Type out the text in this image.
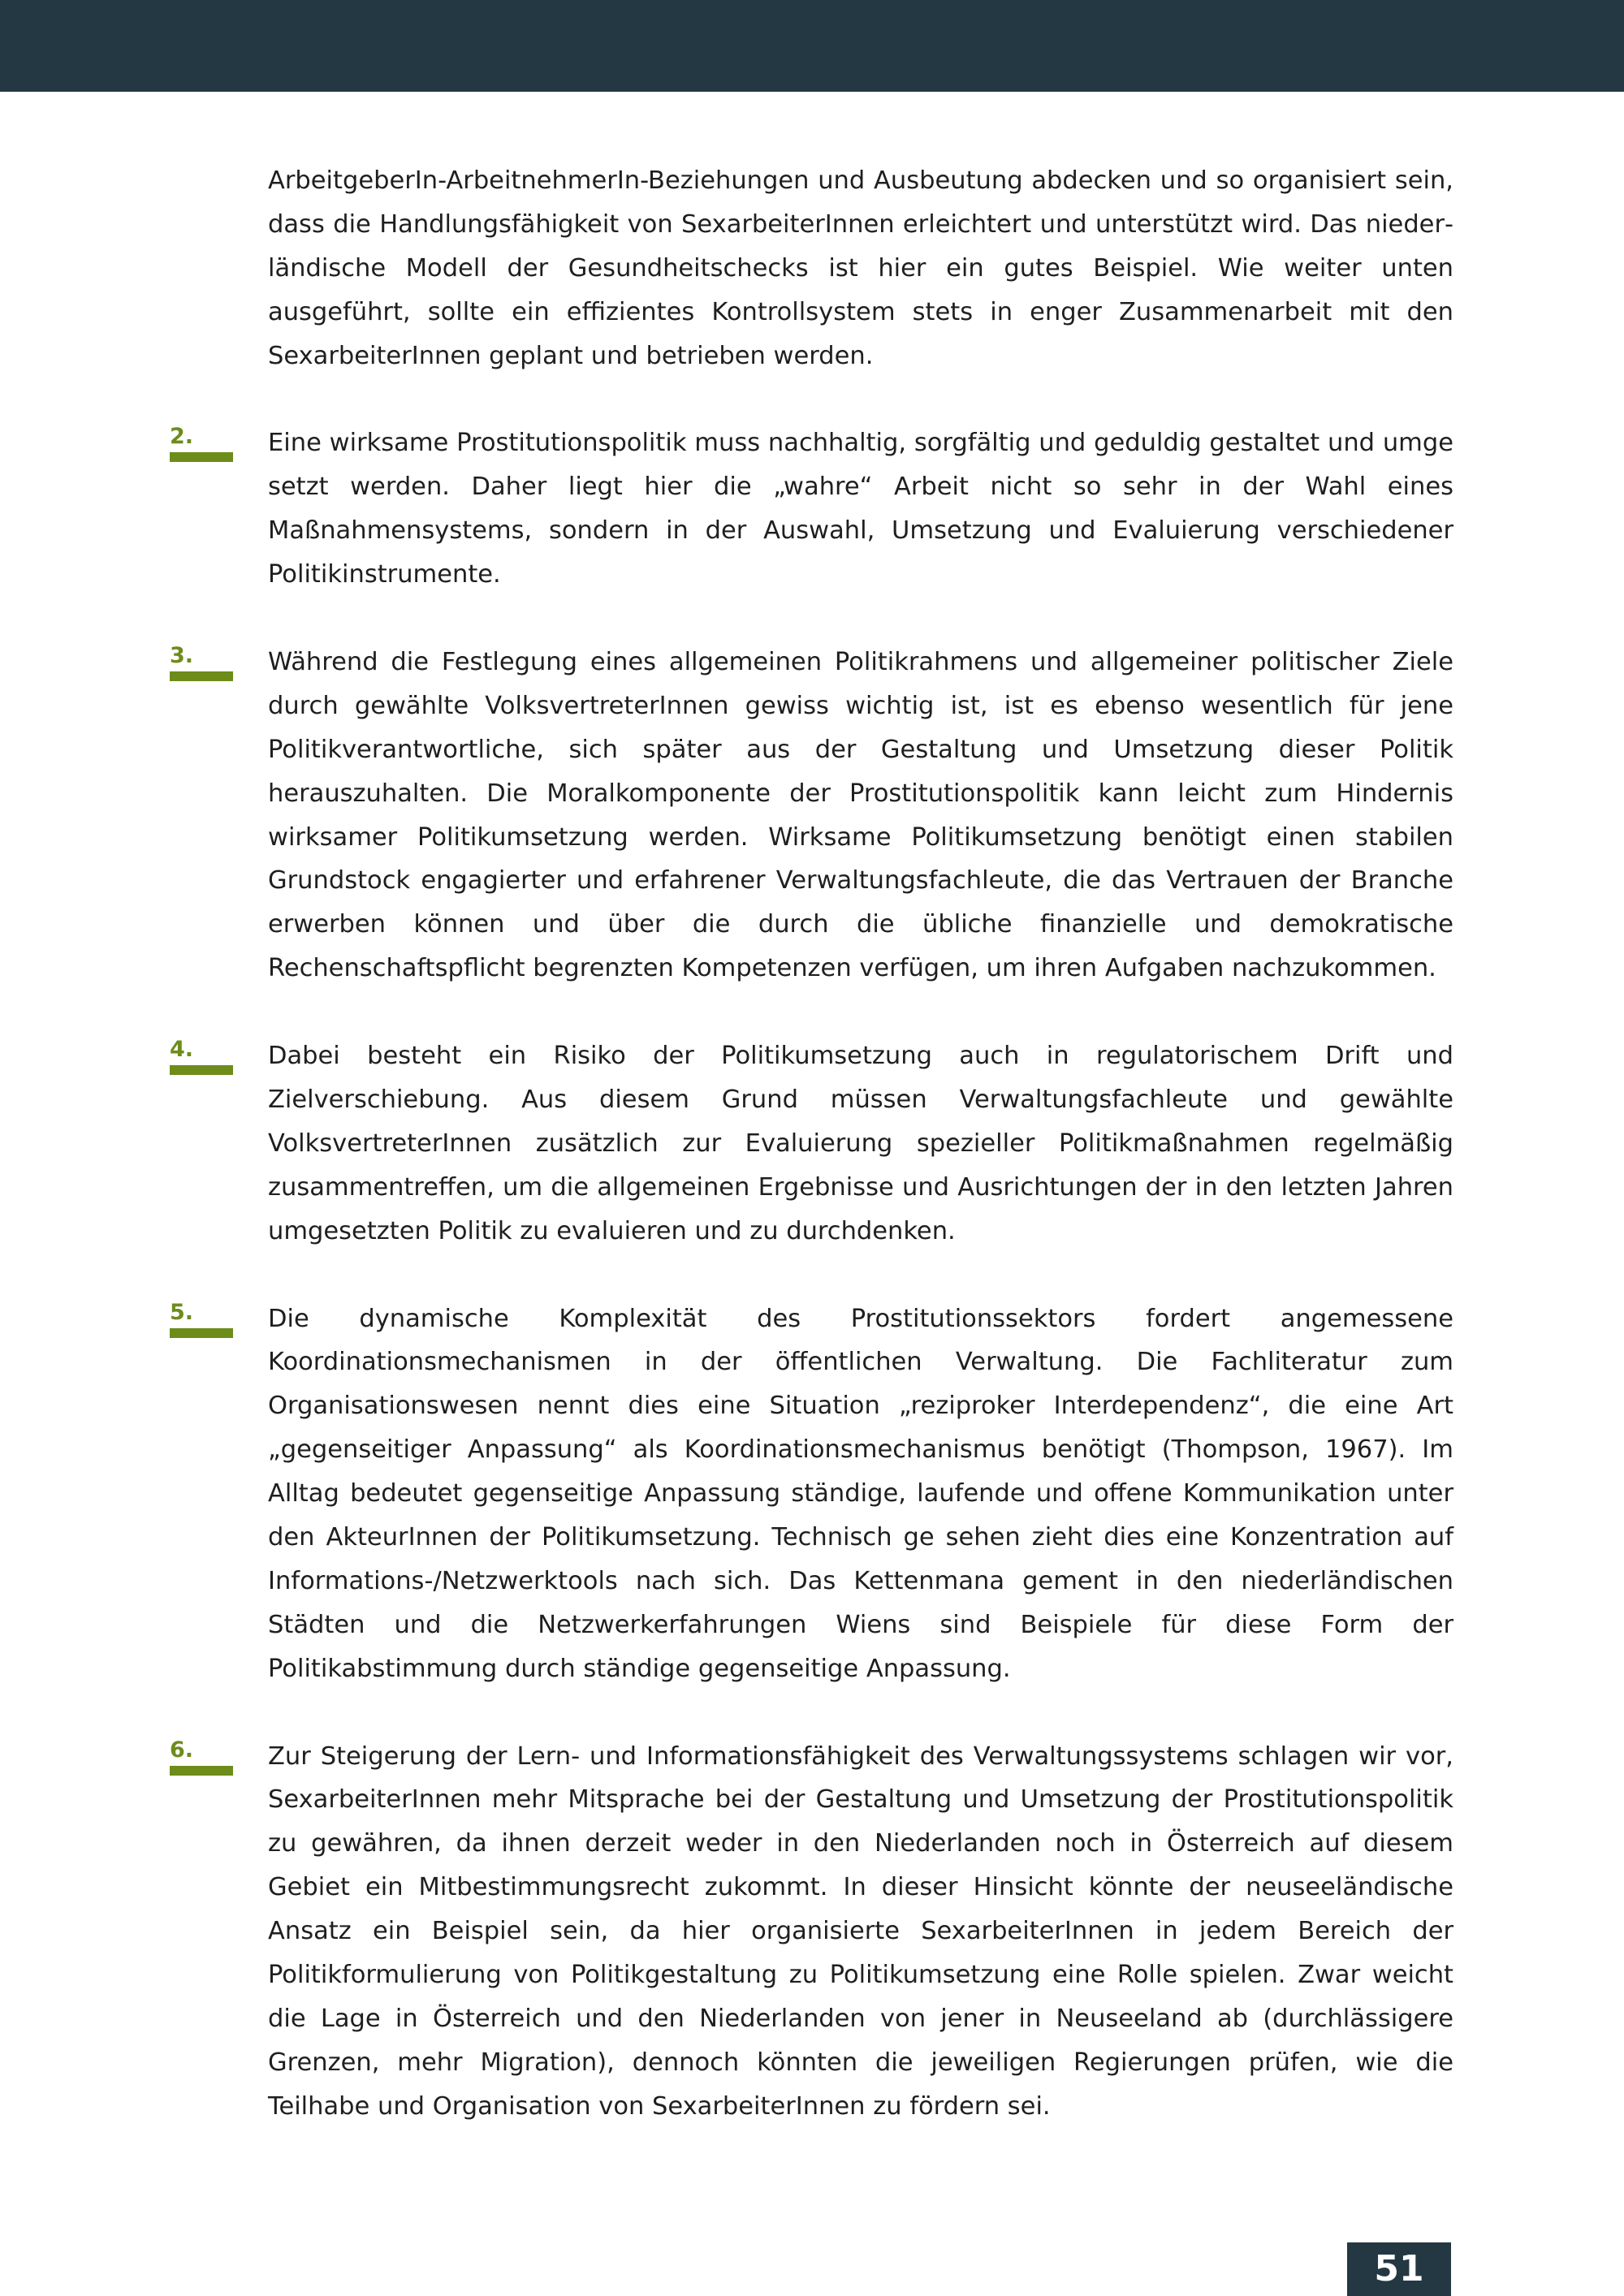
ArbeitgeberIn-ArbeitnehmerIn-Beziehungen und Ausbeutung abdecken und so organisiert sein, dass die Handlungsfähigkeit von SexarbeiterInnen erleichtert und unterstützt wird. Das niederländische Modell der Gesundheitschecks ist hier ein gutes Beispiel. Wie weiter unten ausgeführt, sollte ein effizientes Kontrollsystem stets in enger Zusammenarbeit mit den SexarbeiterInnen geplant und betrieben werden.

2.	Eine wirksame Prostitutionspolitik muss nachhaltig, sorgfältig und geduldig gestaltet und umge setzt werden. Daher liegt hier die „wahre“ Arbeit nicht so sehr in der Wahl eines Maßnahmensystems, sondern in der Auswahl, Umsetzung und Evaluierung verschiedener Politikinstrumente.

3.	Während die Festlegung eines allgemeinen Politikrahmens und allgemeiner politischer Ziele durch gewählte VolksvertreterInnen gewiss wichtig ist, ist es ebenso wesentlich für jene Politikverantwortliche, sich später aus der Gestaltung und Umsetzung dieser Politik herauszuhalten. Die Moralkomponente der Prostitutionspolitik kann leicht zum Hindernis wirksamer Politikumsetzung werden. Wirksame Politikumsetzung benötigt einen stabilen Grundstock engagierter und erfahrener Verwaltungsfachleute, die das Vertrauen der Branche erwerben können und über die durch die übliche finanzielle und demokratische Rechenschaftspflicht begrenzten Kompetenzen verfügen, um ihren Aufgaben nachzukommen.

4.	Dabei besteht ein Risiko der Politikumsetzung auch in regulatorischem Drift und Zielverschiebung. Aus diesem Grund müssen Verwaltungsfachleute und gewählte VolksvertreterInnen zusätzlich zur Evaluierung spezieller Politikmaßnahmen regelmäßig zusammentreffen, um die allgemeinen Ergebnisse und Ausrichtungen der in den letzten Jahren umgesetzten Politik zu evaluieren und zu durchdenken.

5.	Die dynamische Komplexität des Prostitutionssektors fordert angemessene Koordinationsmechanismen in der öffentlichen Verwaltung. Die Fachliteratur zum Organisationswesen nennt dies eine Situation „reziproker Interdependenz“, die eine Art „gegenseitiger Anpassung“ als Koordinationsmechanismus benötigt (Thompson, 1967). Im Alltag bedeutet gegenseitige Anpassung ständige, laufende und offene Kommunikation unter den AkteurInnen der Politikumsetzung. Technisch ge sehen zieht dies eine Konzentration auf Informations-/Netzwerktools nach sich. Das Kettenmana gement in den niederländischen Städten und die Netzwerkerfahrungen Wiens sind Beispiele für diese Form der Politikabstimmung durch ständige gegenseitige Anpassung.

6.	Zur Steigerung der Lern- und Informationsfähigkeit des Verwaltungssystems schlagen wir vor, SexarbeiterInnen mehr Mitsprache bei der Gestaltung und Umsetzung der Prostitutionspolitik zu gewähren, da ihnen derzeit weder in den Niederlanden noch in Österreich auf diesem Gebiet ein Mitbestimmungsrecht zukommt. In dieser Hinsicht könnte der neuseeländische Ansatz ein Beispiel sein, da hier organisierte SexarbeiterInnen in jedem Bereich der Politikformulierung von Politikgestaltung zu Politikumsetzung eine Rolle spielen. Zwar weicht die Lage in Österreich und den Niederlanden von jener in Neuseeland ab (durchlässigere Grenzen, mehr Migration), dennoch könnten die jeweiligen Regierungen prüfen, wie die Teilhabe und Organisation von SexarbeiterInnen zu fördern sei.

51
